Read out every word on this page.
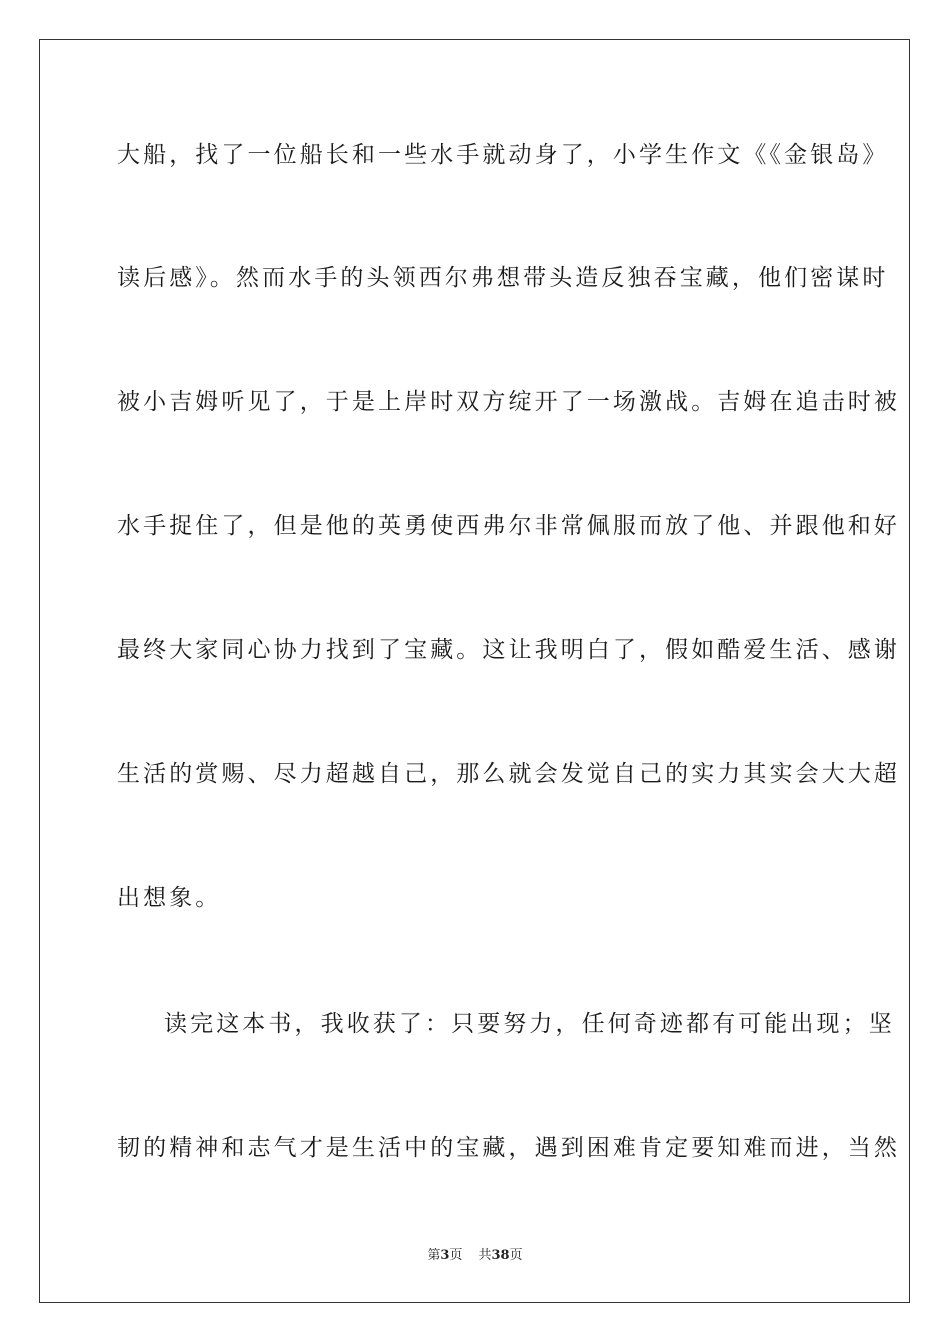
大船，找了一位船长和一些水手就动身了，小学生作文《《金银岛》
读后感》。然而水手的头领西尔弗想带头造反独吞宝藏，他们密谋时
被小吉姆听见了，于是上岸时双方绽开了一场激战。吉姆在追击时被
水手捉住了，但是他的英勇使西弗尔非常佩服而放了他、并跟他和好
最终大家同心协力找到了宝藏。这让我明白了，假如酷爱生活、感谢
生活的赏赐、尽力超越自己，那么就会发觉自己的实力其实会大大超
出想象。
读完这本书，我收获了：只要努力，任何奇迹都有可能出现；坚
韧的精神和志气才是生活中的宝藏，遇到困难肯定要知难而进，当然
第3页 共38页
